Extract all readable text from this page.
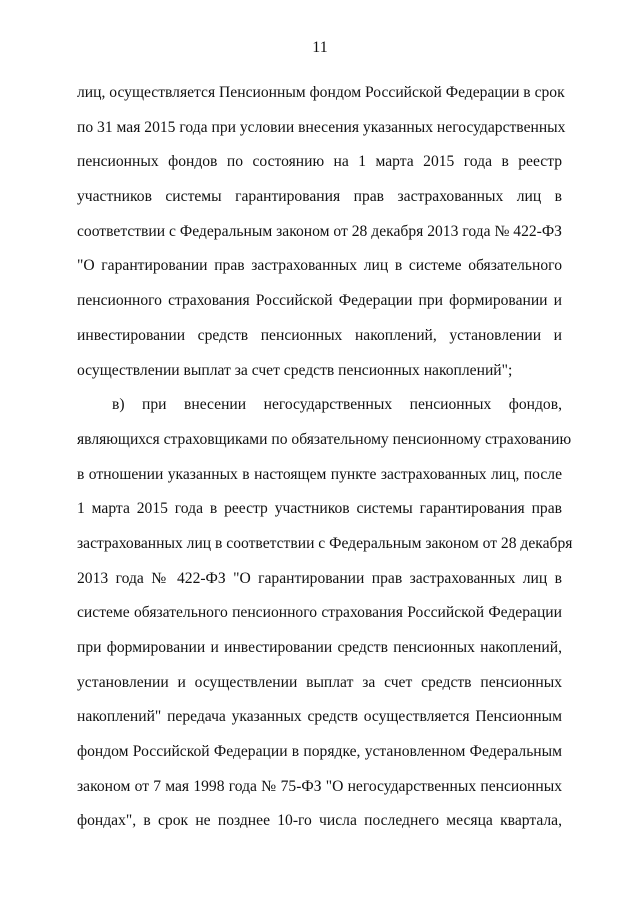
11
лиц, осуществляется Пенсионным фондом Российской Федерации в срок
по 31 мая 2015 года при условии внесения указанных негосударственных
пенсионных фондов по состоянию на 1 марта 2015 года в реестр
участников системы гарантирования прав застрахованных лиц в
соответствии с Федеральным законом от 28 декабря 2013 года № 422-ФЗ
"О гарантировании прав застрахованных лиц в системе обязательного
пенсионного страхования Российской Федерации при формировании и
инвестировании средств пенсионных накоплений, установлении и
осуществлении выплат за счет средств пенсионных накоплений";
в) при внесении негосударственных пенсионных фондов,
являющихся страховщиками по обязательному пенсионному страхованию
в отношении указанных в настоящем пункте застрахованных лиц, после
1 марта 2015 года в реестр участников системы гарантирования прав
застрахованных лиц в соответствии с Федеральным законом от 28 декабря
2013 года № 422-ФЗ "О гарантировании прав застрахованных лиц в
системе обязательного пенсионного страхования Российской Федерации
при формировании и инвестировании средств пенсионных накоплений,
установлении и осуществлении выплат за счет средств пенсионных
накоплений" передача указанных средств осуществляется Пенсионным
фондом Российской Федерации в порядке, установленном Федеральным
законом от 7 мая 1998 года № 75-ФЗ "О негосударственных пенсионных
фондах", в срок не позднее 10-го числа последнего месяца квартала,
